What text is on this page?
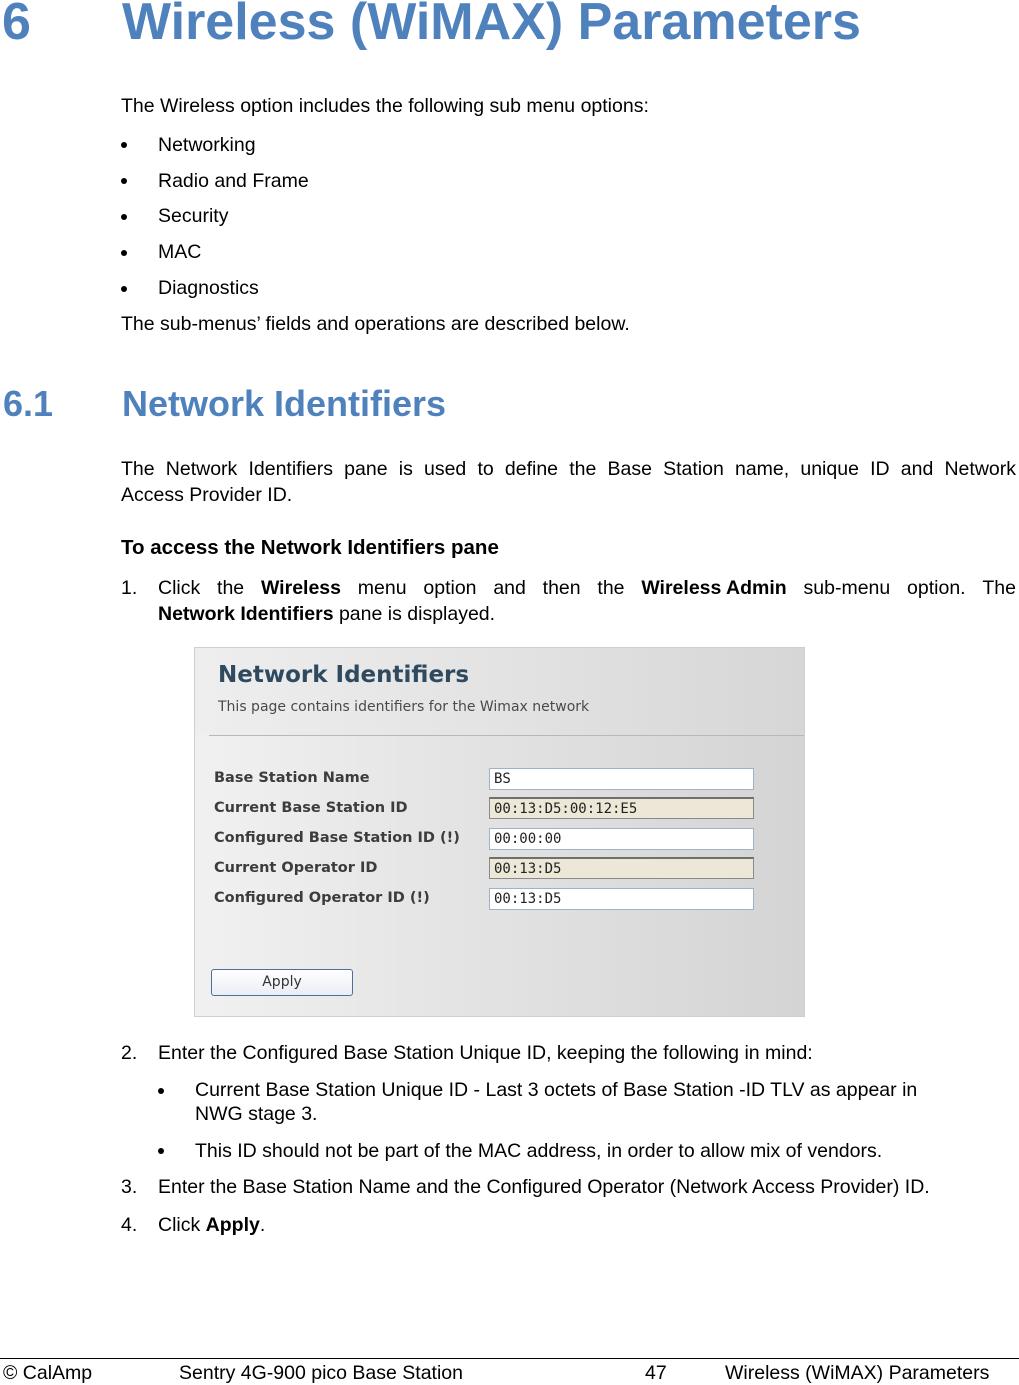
6 Wireless (WiMAX) Parameters
The Wireless option includes the following sub menu options:
Networking
Radio and Frame
Security
MAC
Diagnostics
The sub-menus’ fields and operations are described below.
6.1 Network Identifiers
The Network Identifiers pane is used to define the Base Station name, unique ID and Network
Access Provider ID.
To access the Network Identifiers pane
1. Click the Wireless menu option and then the Wireless Admin sub-menu option. The
Network Identifiers pane is displayed.
Network Identifiers
This page contains identifiers for the Wimax network
Base Station Name	BS
Current Base Station ID	00:13:D5:00:12:E5
Configured Base Station ID (!)	00:00:00
Current Operator ID	00:13:D5
Configured Operator ID (!)	00:13:D5
Apply
2. Enter the Configured Base Station Unique ID, keeping the following in mind:
Current Base Station Unique ID - Last 3 octets of Base Station -ID TLV as appear in
NWG stage 3.
This ID should not be part of the MAC address, in order to allow mix of vendors.
3. Enter the Base Station Name and the Configured Operator (Network Access Provider) ID.
4. Click Apply.
© CalAmp	Sentry 4G-900 pico Base Station	47	Wireless (WiMAX) Parameters
